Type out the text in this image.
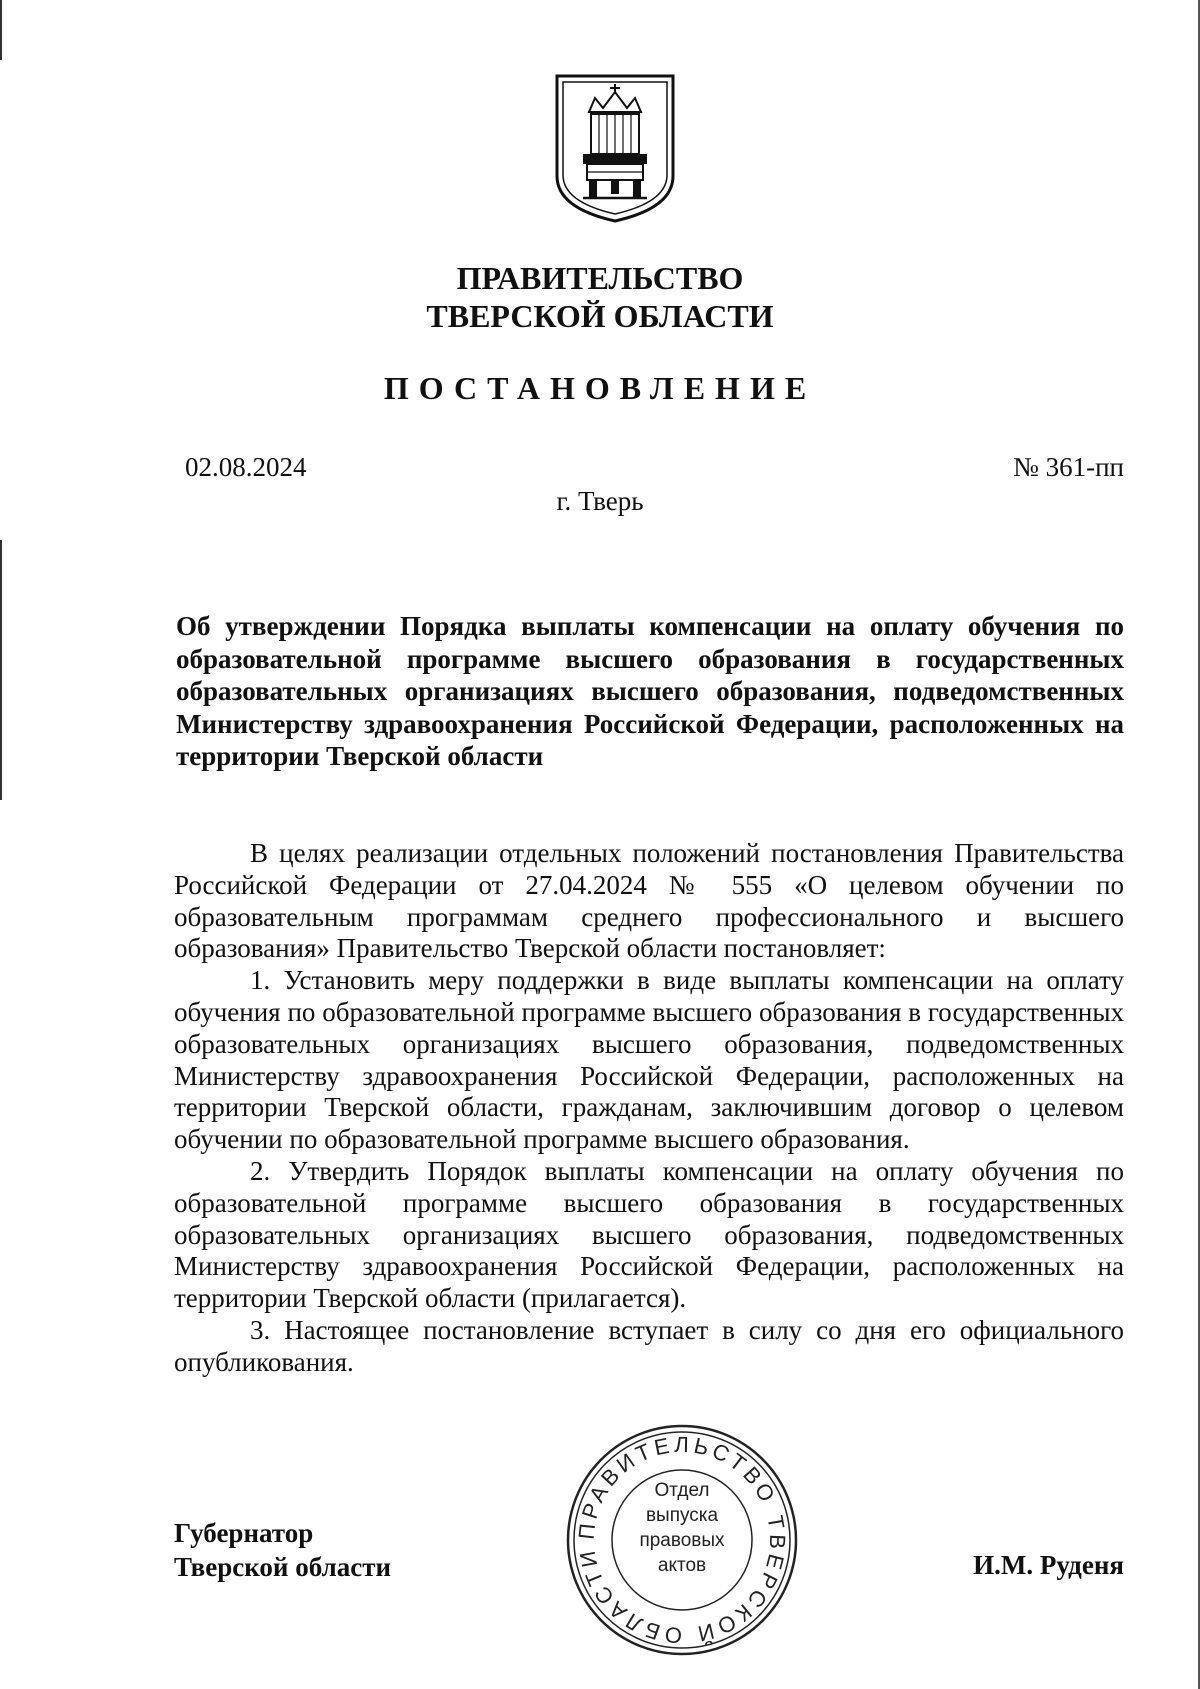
ПРАВИТЕЛЬСТВО
ТВЕРСКОЙ ОБЛАСТИ
ПОСТАНОВЛЕНИЕ
02.08.2024	№ 361-пп
г. Тверь
Об утверждении Порядка выплаты компенсации на оплату обучения по образовательной программе высшего образования в государственных образовательных организациях высшего образования, подведомственных Министерству здравоохранения Российской Федерации, расположенных на территории Тверской области

В целях реализации отдельных положений постановления Правительства Российской Федерации от 27.04.2024 № 555 «О целевом обучении по образовательным программам среднего профессионального и высшего образования» Правительство Тверской области постановляет:

1. Установить меру поддержки в виде выплаты компенсации на оплату обучения по образовательной программе высшего образования в государственных образовательных организациях высшего образования, подведомственных Министерству здравоохранения Российской Федерации, расположенных на территории Тверской области, гражданам, заключившим договор о целевом обучении по образовательной программе высшего образования.

2. Утвердить Порядок выплаты компенсации на оплату обучения по образовательной программе высшего образования в государственных образовательных организациях высшего образования, подведомственных Министерству здравоохранения Российской Федерации, расположенных на территории Тверской области (прилагается).

3. Настоящее постановление вступает в силу со дня его официального опубликования.

Губернатор
Тверской области
ПРАВИТЕЛЬСТВО ТВЕРСКОЙ ОБЛАСТИ
Отдел
выпуска
правовых
актов	И.М. Руденя
